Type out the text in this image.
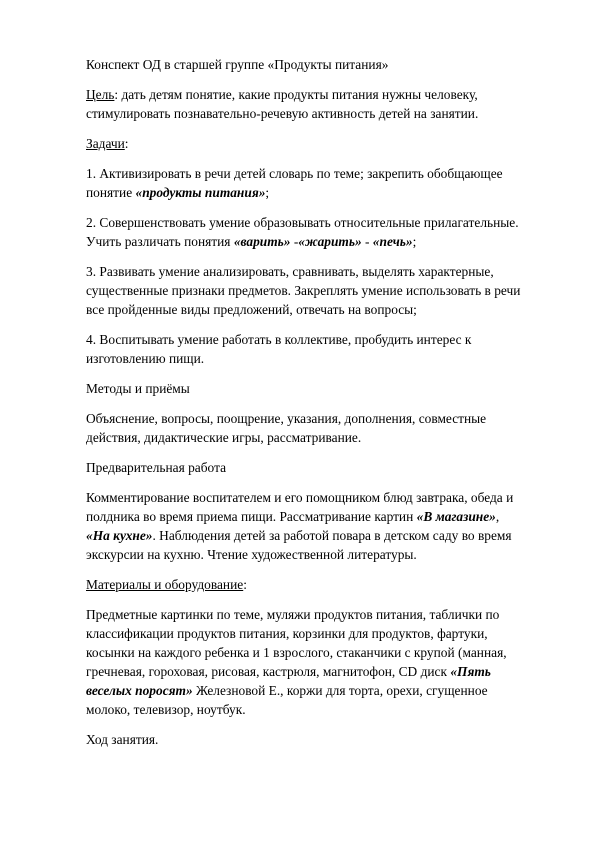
Конспект ОД в старшей группе «Продукты питания»

Цель: дать детям понятие, какие продукты питания нужны человеку, стимулировать познавательно-речевую активность детей на занятии.

Задачи:

1. Активизировать в речи детей словарь по теме; закрепить обобщающее понятие «продукты питания»;

2. Совершенствовать умение образовывать относительные прилагательные. Учить различать понятия «варить» -«жарить» - «печь»;

3. Развивать умение анализировать, сравнивать, выделять характерные, существенные признаки предметов. Закреплять умение использовать в речи все пройденные виды предложений, отвечать на вопросы;

4. Воспитывать умение работать в коллективе, пробудить интерес к изготовлению пищи.

Методы и приёмы

Объяснение, вопросы, поощрение, указания, дополнения, совместные действия, дидактические игры, рассматривание.

Предварительная работа

Комментирование воспитателем и его помощником блюд завтрака, обеда и полдника во время приема пищи. Рассматривание картин «В магазине», «На кухне». Наблюдения детей за работой повара в детском саду во время экскурсии на кухню. Чтение художественной литературы.

Материалы и оборудование:

Предметные картинки по теме, муляжи продуктов питания, таблички по классификации продуктов питания, корзинки для продуктов, фартуки, косынки на каждого ребенка и 1 взрослого, стаканчики с крупой (манная, гречневая, гороховая, рисовая, кастрюля, магнитофон, CD диск «Пять веселых поросят» Железновой Е., коржи для торта, орехи, сгущенное молоко, телевизор, ноутбук.

Ход занятия.
